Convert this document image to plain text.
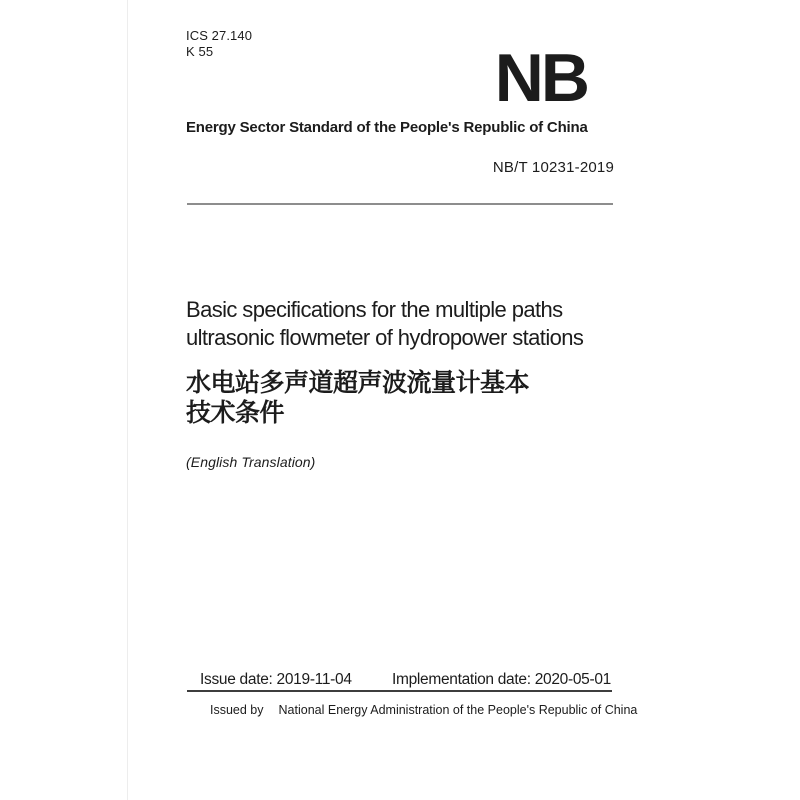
ICS 27.140
K 55	NB
Energy Sector Standard of the People's Republic of China
NB/T 10231-2019
Basic specifications for the multiple paths
ultrasonic flowmeter of hydropower stations
水电站多声道超声波流量计基本
技术条件
(English Translation)
Issue date: 2019-11-04	Implementation date: 2020-05-01
Issued by National Energy Administration of the People's Republic of China
